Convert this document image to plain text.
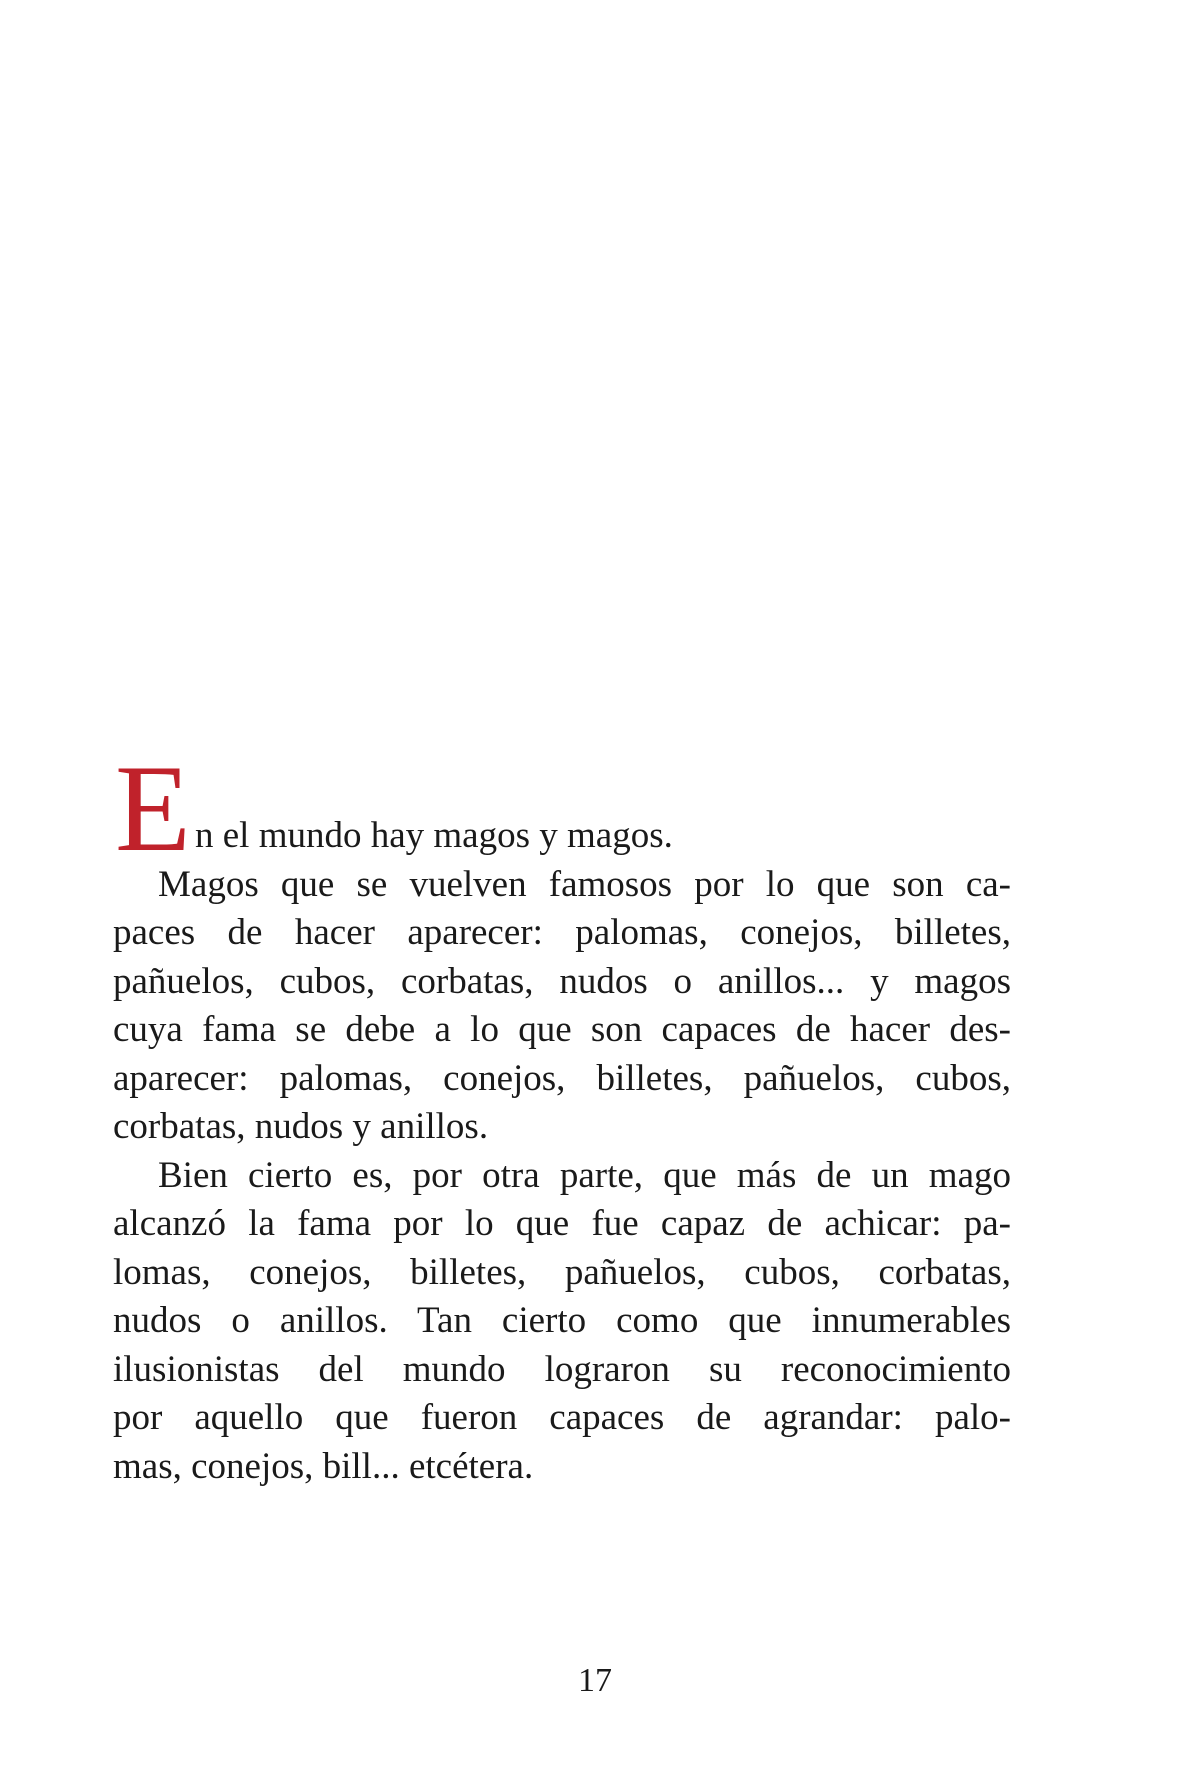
E n el mundo hay magos y magos.
Magos que se vuelven famosos por lo que son ca-
paces de hacer aparecer: palomas, conejos, billetes,
pañuelos, cubos, corbatas, nudos o anillos... y magos
cuya fama se debe a lo que son capaces de hacer des-
aparecer: palomas, conejos, billetes, pañuelos, cubos,
corbatas, nudos y anillos.
Bien cierto es, por otra parte, que más de un mago
alcanzó la fama por lo que fue capaz de achicar: pa-
lomas, conejos, billetes, pañuelos, cubos, corbatas,
nudos o anillos. Tan cierto como que innumerables
ilusionistas del mundo lograron su reconocimiento
por aquello que fueron capaces de agrandar: palo-
mas, conejos, bill... etcétera.
17
